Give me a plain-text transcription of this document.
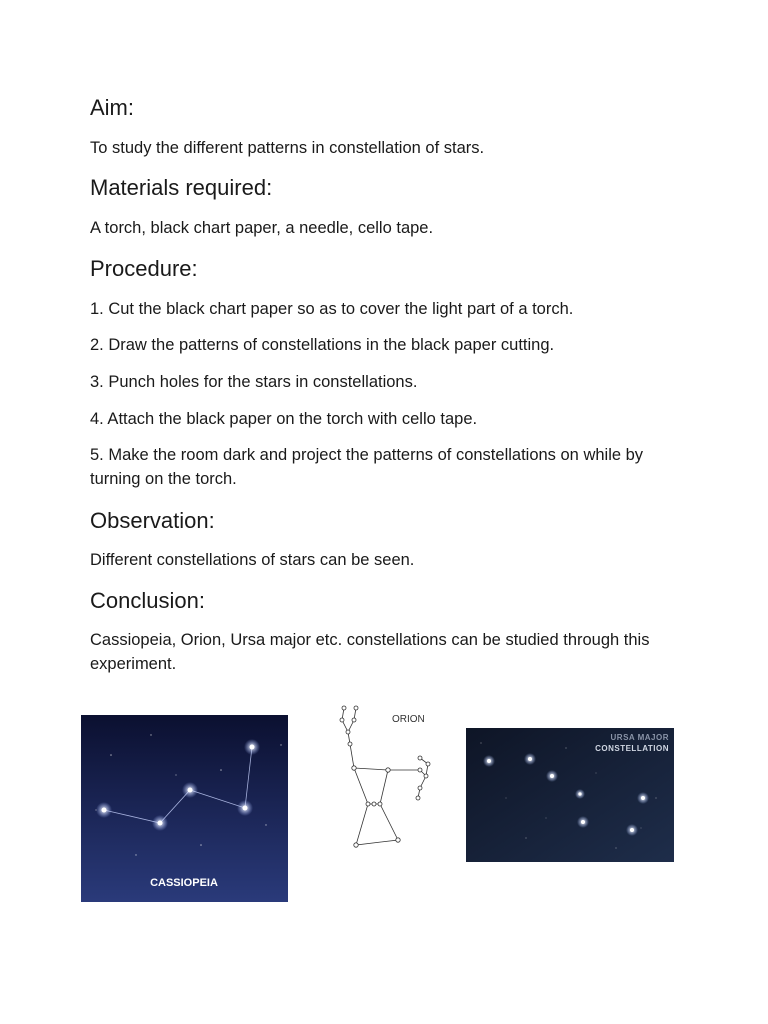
Aim:

To study the different patterns in constellation of stars.

Materials required:

A torch, black chart paper, a needle, cello tape.

Procedure:

1. Cut the black chart paper so as to cover the light part of a torch.

2. Draw the patterns of constellations in the black paper cutting.

3. Punch holes for the stars in constellations.

4. Attach the black paper on the torch with cello tape.

5. Make the room dark and project the patterns of constellations on while by turning on the torch.

Observation:

Different constellations of stars can be seen.

Conclusion:

Cassiopeia, Orion, Ursa major etc. constellations can be studied through this experiment.

CASSIOPEIA
ORION
URSA MAJOR
CONSTELLATION
